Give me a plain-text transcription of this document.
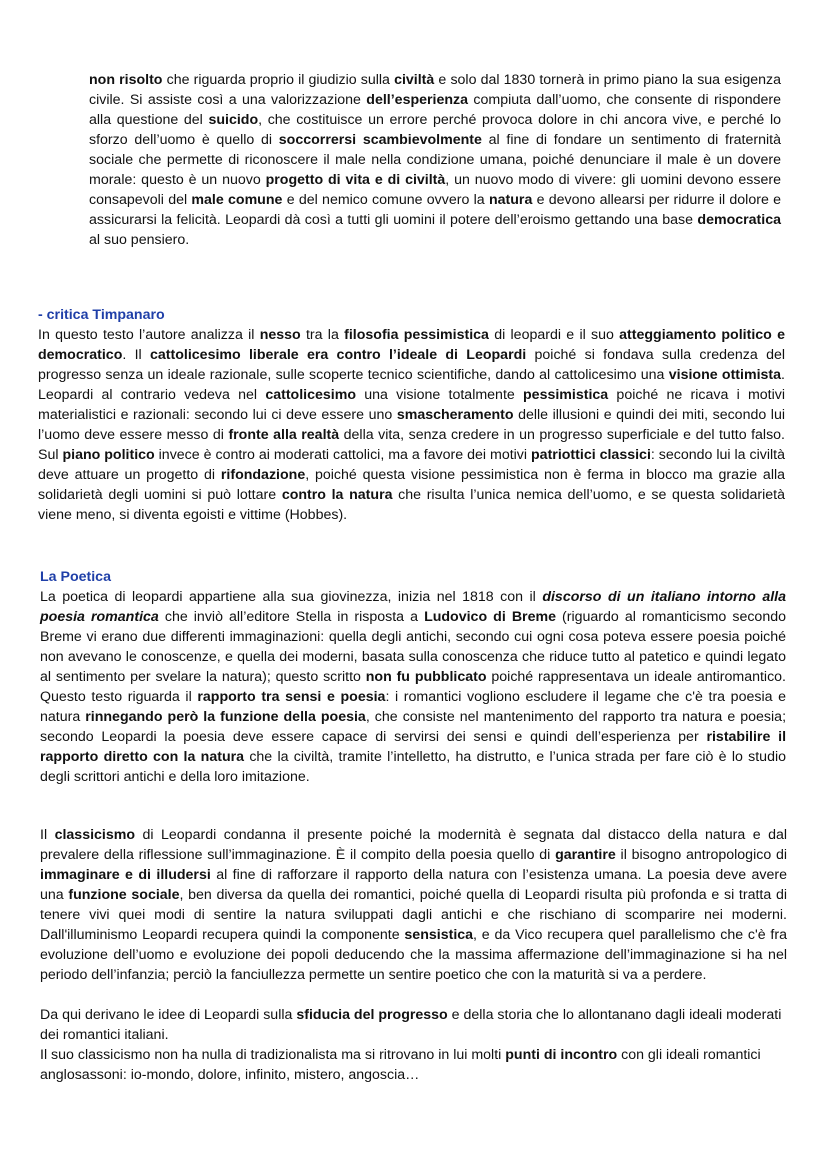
non risolto che riguarda proprio il giudizio sulla civiltà e solo dal 1830 tornerà in primo piano la sua esigenza civile. Si assiste così a una valorizzazione dell’esperienza compiuta dall’uomo, che consente di rispondere alla questione del suicido, che costituisce un errore perché provoca dolore in chi ancora vive, e perché lo sforzo dell’uomo è quello di soccorrersi scambievolmente al fine di fondare un sentimento di fraternità sociale che permette di riconoscere il male nella condizione umana, poiché denunciare il male è un dovere morale: questo è un nuovo progetto di vita e di civiltà, un nuovo modo di vivere: gli uomini devono essere consapevoli del male comune e del nemico comune ovvero la natura e devono allearsi per ridurre il dolore e assicurarsi la felicità. Leopardi dà così a tutti gli uomini il potere dell’eroismo gettando una base democratica al suo pensiero.

- critica Timpanaro

In questo testo l’autore analizza il nesso tra la filosofia pessimistica di leopardi e il suo atteggiamento politico e democratico. Il cattolicesimo liberale era contro l’ideale di Leopardi poiché si fondava sulla credenza del progresso senza un ideale razionale, sulle scoperte tecnico scientifiche, dando al cattolicesimo una visione ottimista. Leopardi al contrario vedeva nel cattolicesimo una visione totalmente pessimistica poiché ne ricava i motivi materialistici e razionali: secondo lui ci deve essere uno smascheramento delle illusioni e quindi dei miti, secondo lui l’uomo deve essere messo di fronte alla realtà della vita, senza credere in un progresso superficiale e del tutto falso. Sul piano politico invece è contro ai moderati cattolici, ma a favore dei motivi patriottici classici: secondo lui la civiltà deve attuare un progetto di rifondazione, poiché questa visione pessimistica non è ferma in blocco ma grazie alla solidarietà degli uomini si può lottare contro la natura che risulta l’unica nemica dell’uomo, e se questa solidarietà viene meno, si diventa egoisti e vittime (Hobbes).

La Poetica

La poetica di leopardi appartiene alla sua giovinezza, inizia nel 1818 con il discorso di un italiano intorno alla poesia romantica che inviò all’editore Stella in risposta a Ludovico di Breme (riguardo al romanticismo secondo Breme vi erano due differenti immaginazioni: quella degli antichi, secondo cui ogni cosa poteva essere poesia poiché non avevano le conoscenze, e quella dei moderni, basata sulla conoscenza che riduce tutto al patetico e quindi legato al sentimento per svelare la natura); questo scritto non fu pubblicato poiché rappresentava un ideale antiromantico. Questo testo riguarda il rapporto tra sensi e poesia: i romantici vogliono escludere il legame che c'è tra poesia e natura rinnegando però la funzione della poesia, che consiste nel mantenimento del rapporto tra natura e poesia; secondo Leopardi la poesia deve essere capace di servirsi dei sensi e quindi dell’esperienza per ristabilire il rapporto diretto con la natura che la civiltà, tramite l’intelletto, ha distrutto, e l’unica strada per fare ciò è lo studio degli scrittori antichi e della loro imitazione.

Il classicismo di Leopardi condanna il presente poiché la modernità è segnata dal distacco della natura e dal prevalere della riflessione sull’immaginazione. È il compito della poesia quello di garantire il bisogno antropologico di immaginare e di illudersi al fine di rafforzare il rapporto della natura con l’esistenza umana. La poesia deve avere una funzione sociale, ben diversa da quella dei romantici, poiché quella di Leopardi risulta più profonda e si tratta di tenere vivi quei modi di sentire la natura sviluppati dagli antichi e che rischiano di scomparire nei moderni. Dall'illuminismo Leopardi recupera quindi la componente sensistica, e da Vico recupera quel parallelismo che c'è fra evoluzione dell’uomo e evoluzione dei popoli deducendo che la massima affermazione dell’immaginazione si ha nel periodo dell’infanzia; perciò la fanciullezza permette un sentire poetico che con la maturità si va a perdere.

Da qui derivano le idee di Leopardi sulla sfiducia del progresso e della storia che lo allontanano dagli ideali moderati dei romantici italiani.

Il suo classicismo non ha nulla di tradizionalista ma si ritrovano in lui molti punti di incontro con gli ideali romantici anglosassoni: io-mondo, dolore, infinito, mistero, angoscia…
